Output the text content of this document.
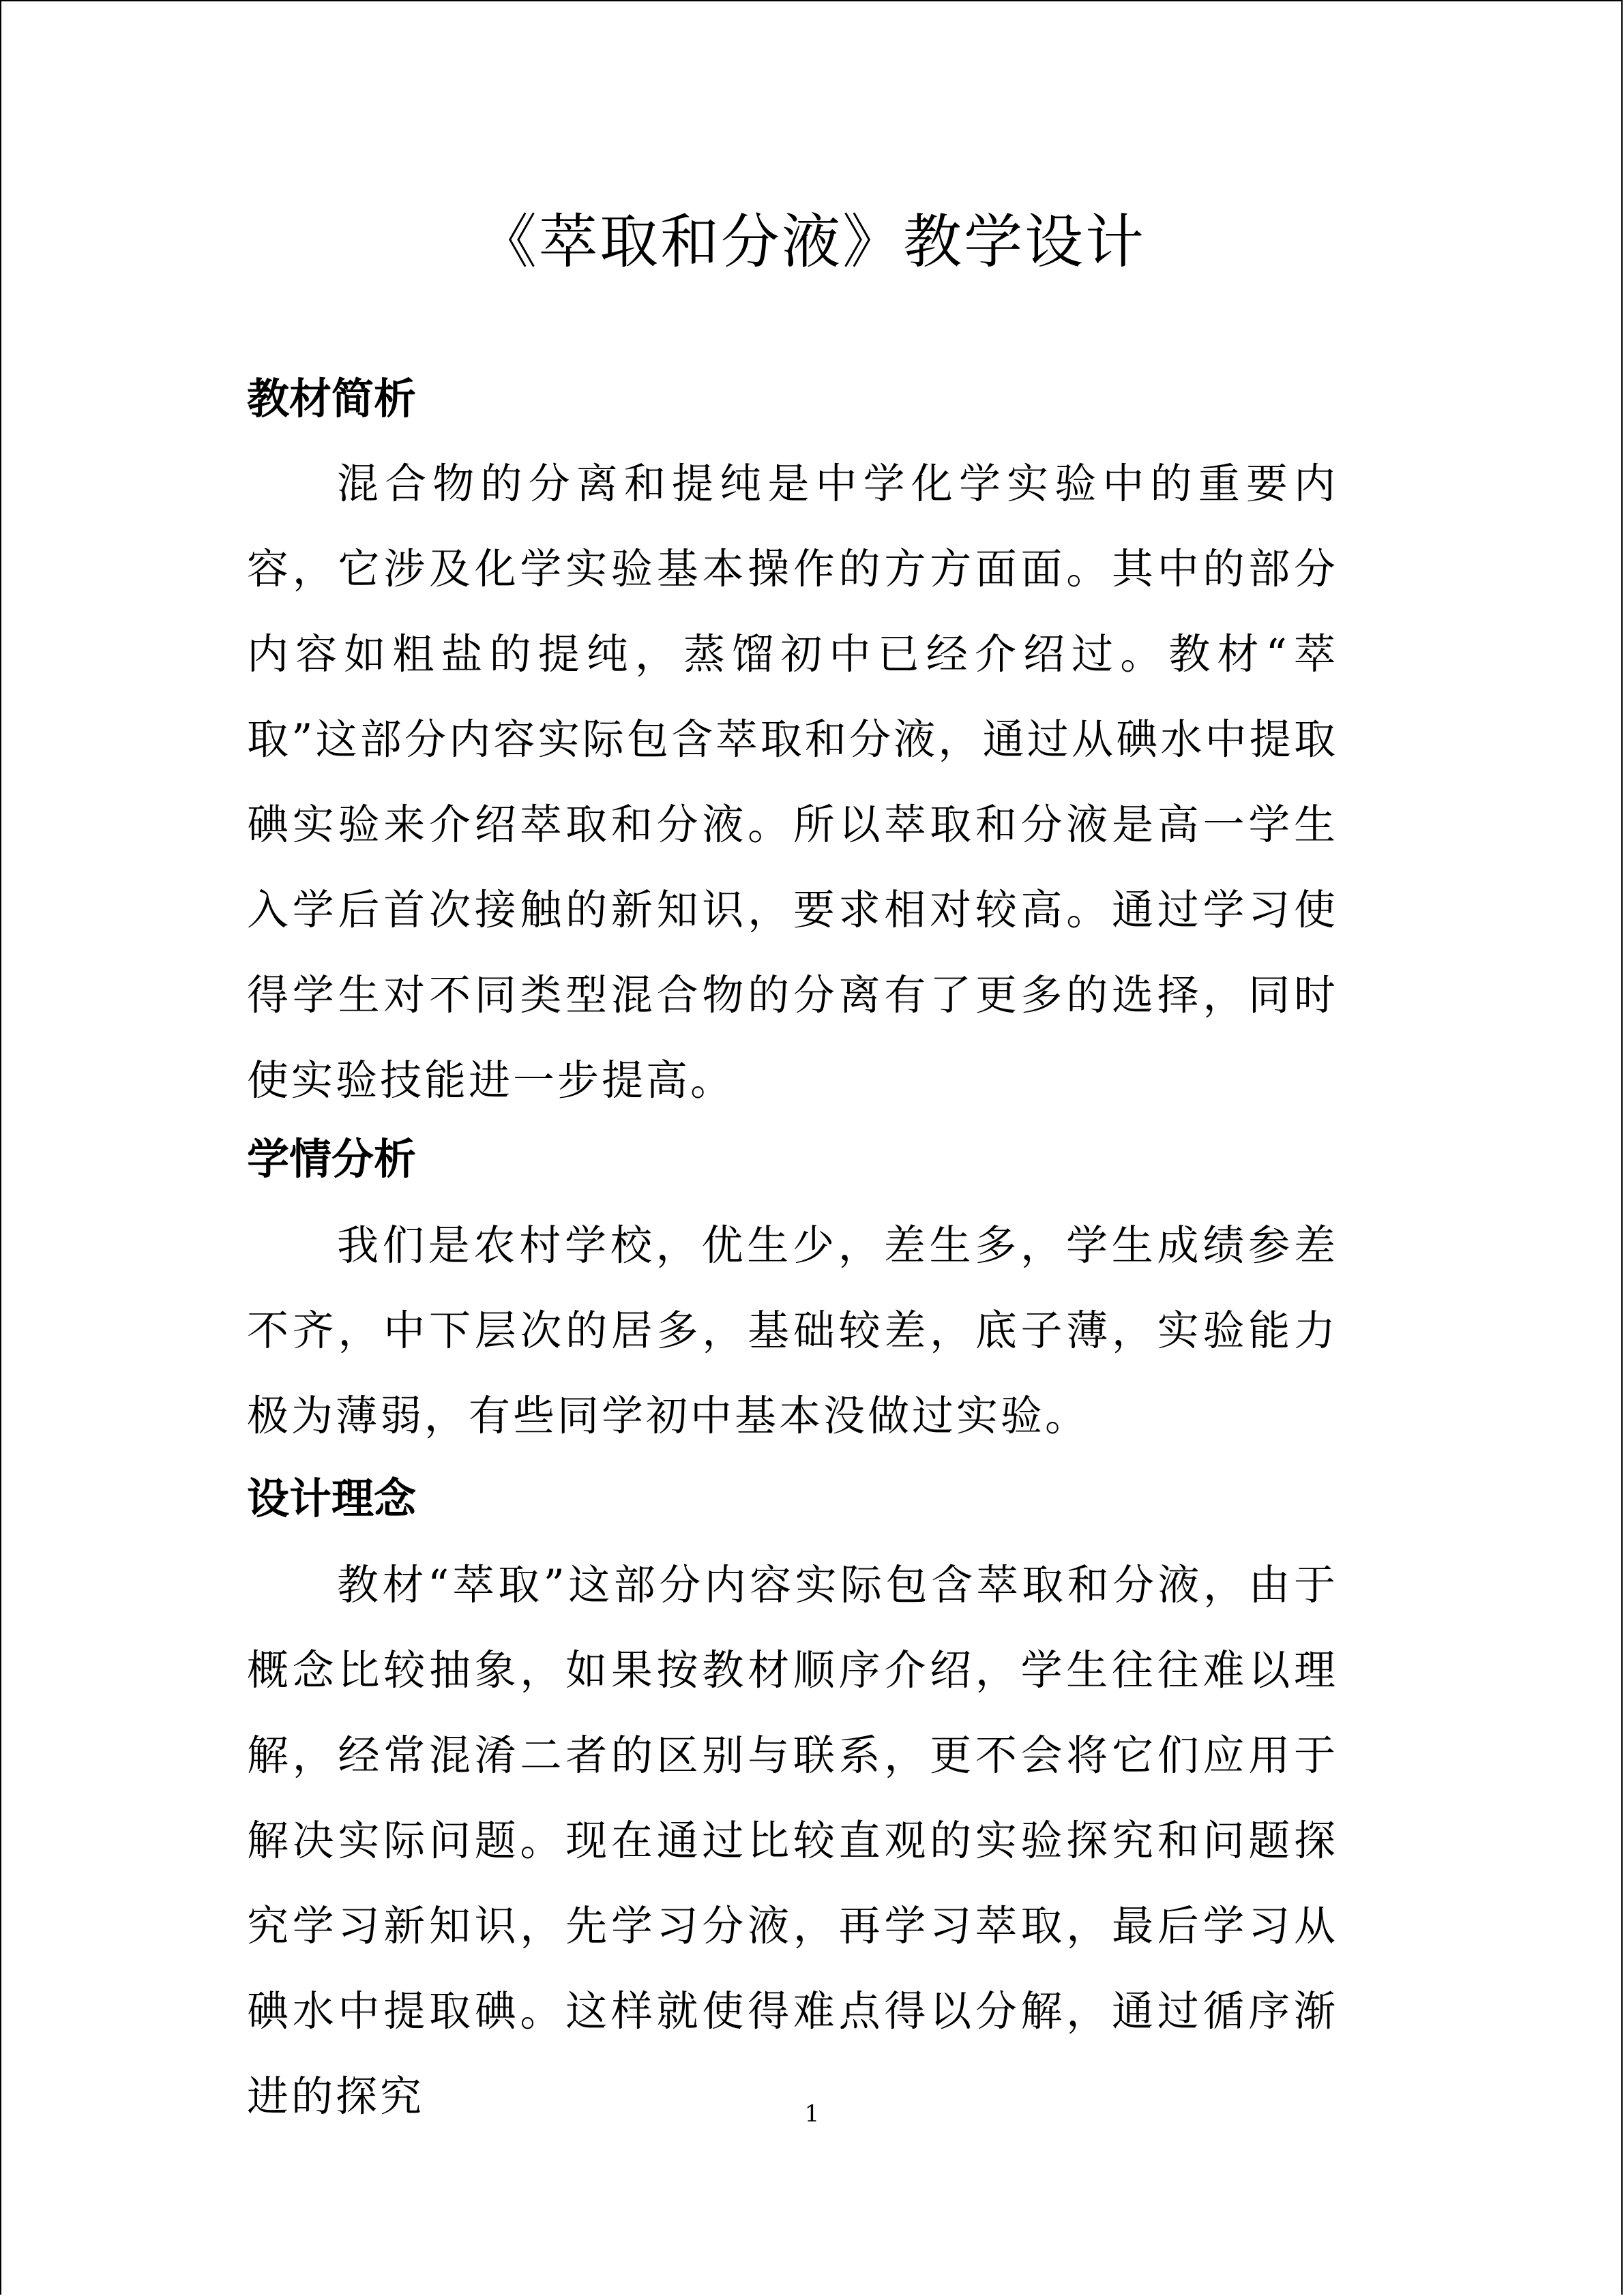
《萃取和分液》教学设计
教材简析
混合物的分离和提纯是中学化学实验中的重要内容，它涉及化学实验基本操作的方方面面。其中的部分内容如粗盐的提纯，蒸馏初中已经介绍过。教材“萃取”这部分内容实际包含萃取和分液，通过从碘水中提取碘实验来介绍萃取和分液。所以萃取和分液是高一学生入学后首次接触的新知识，要求相对较高。通过学习使得学生对不同类型混合物的分离有了更多的选择，同时使实验技能进一步提高。
学情分析
我们是农村学校，优生少，差生多，学生成绩参差不齐，中下层次的居多，基础较差，底子薄，实验能力极为薄弱，有些同学初中基本没做过实验。
设计理念
教材“萃取”这部分内容实际包含萃取和分液，由于概念比较抽象，如果按教材顺序介绍，学生往往难以理解，经常混淆二者的区别与联系，更不会将它们应用于解决实际问题。现在通过比较直观的实验探究和问题探究学习新知识，先学习分液，再学习萃取，最后学习从碘水中提取碘。这样就使得难点得以分解，通过循序渐进的探究	1
